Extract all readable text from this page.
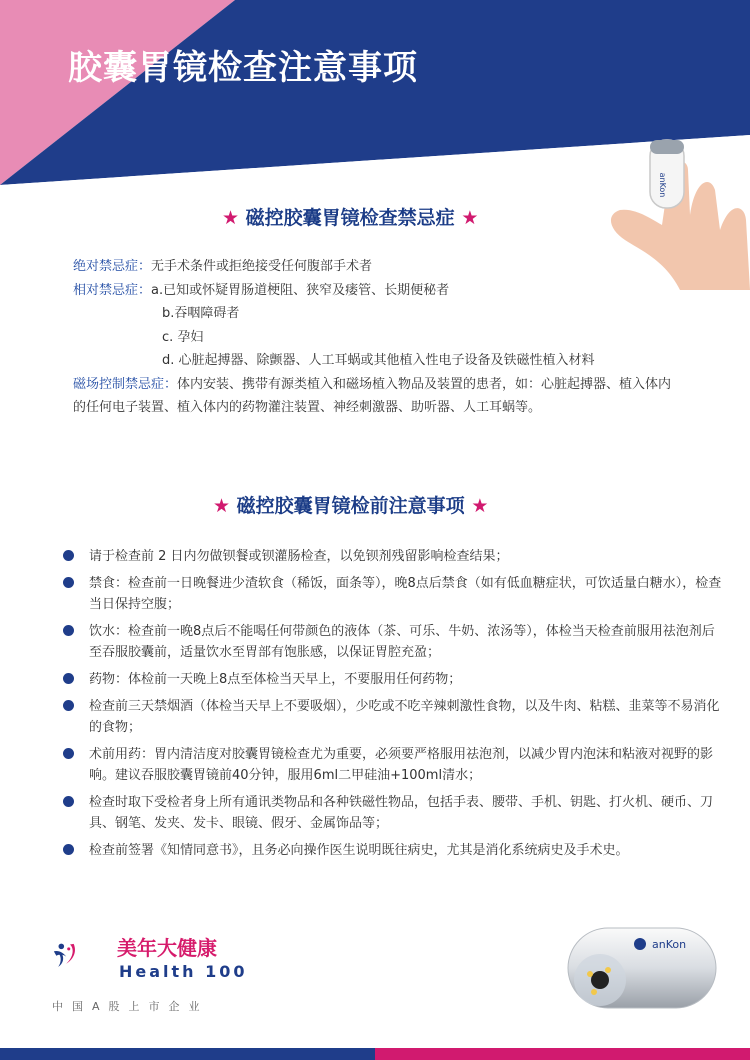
胶囊胃镜检查注意事项
anKon
★ 磁控胶囊胃镜检查禁忌症 ★
绝对禁忌症：无手术条件或拒绝接受任何腹部手术者
相对禁忌症：a.已知或怀疑胃肠道梗阻、狭窄及瘘管、长期便秘者
b.吞咽障碍者
c. 孕妇
d. 心脏起搏器、除颤器、人工耳蜗或其他植入性电子设备及铁磁性植入材料
磁场控制禁忌症：体内安装、携带有源类植入和磁场植入物品及装置的患者，如：心脏起搏器、植入体内的任何电子装置、植入体内的药物灌注装置、神经刺激器、助听器、人工耳蜗等。
★ 磁控胶囊胃镜检前注意事项 ★
请于检查前 2 日内勿做钡餐或钡灌肠检查，以免钡剂残留影响检查结果；
禁食：检查前一日晚餐进少渣软食（稀饭，面条等），晚8点后禁食（如有低血糖症状，可饮适量白糖水），检查当日保持空腹；
饮水：检查前一晚8点后不能喝任何带颜色的液体（茶、可乐、牛奶、浓汤等），体检当天检查前服用祛泡剂后至吞服胶囊前，适量饮水至胃部有饱胀感，以保证胃腔充盈；
药物：体检前一天晚上8点至体检当天早上，不要服用任何药物；
检查前三天禁烟酒（体检当天早上不要吸烟），少吃或不吃辛辣刺激性食物，以及牛肉、粘糕、韭菜等不易消化的食物；
术前用药：胃内清洁度对胶囊胃镜检查尤为重要，必须要严格服用祛泡剂，以减少胃内泡沫和粘液对视野的影响。建议吞服胶囊胃镜前40分钟，服用6ml二甲硅油+100ml清水；
检查时取下受检者身上所有通讯类物品和各种铁磁性物品，包括手表、腰带、手机、钥匙、打火机、硬币、刀具、钢笔、发夹、发卡、眼镜、假牙、金属饰品等；
检查前签署《知情同意书》，且务必向操作医生说明既往病史，尤其是消化系统病史及手术史。
美年大健康
Health 100
中国A股上市企业
anKon
